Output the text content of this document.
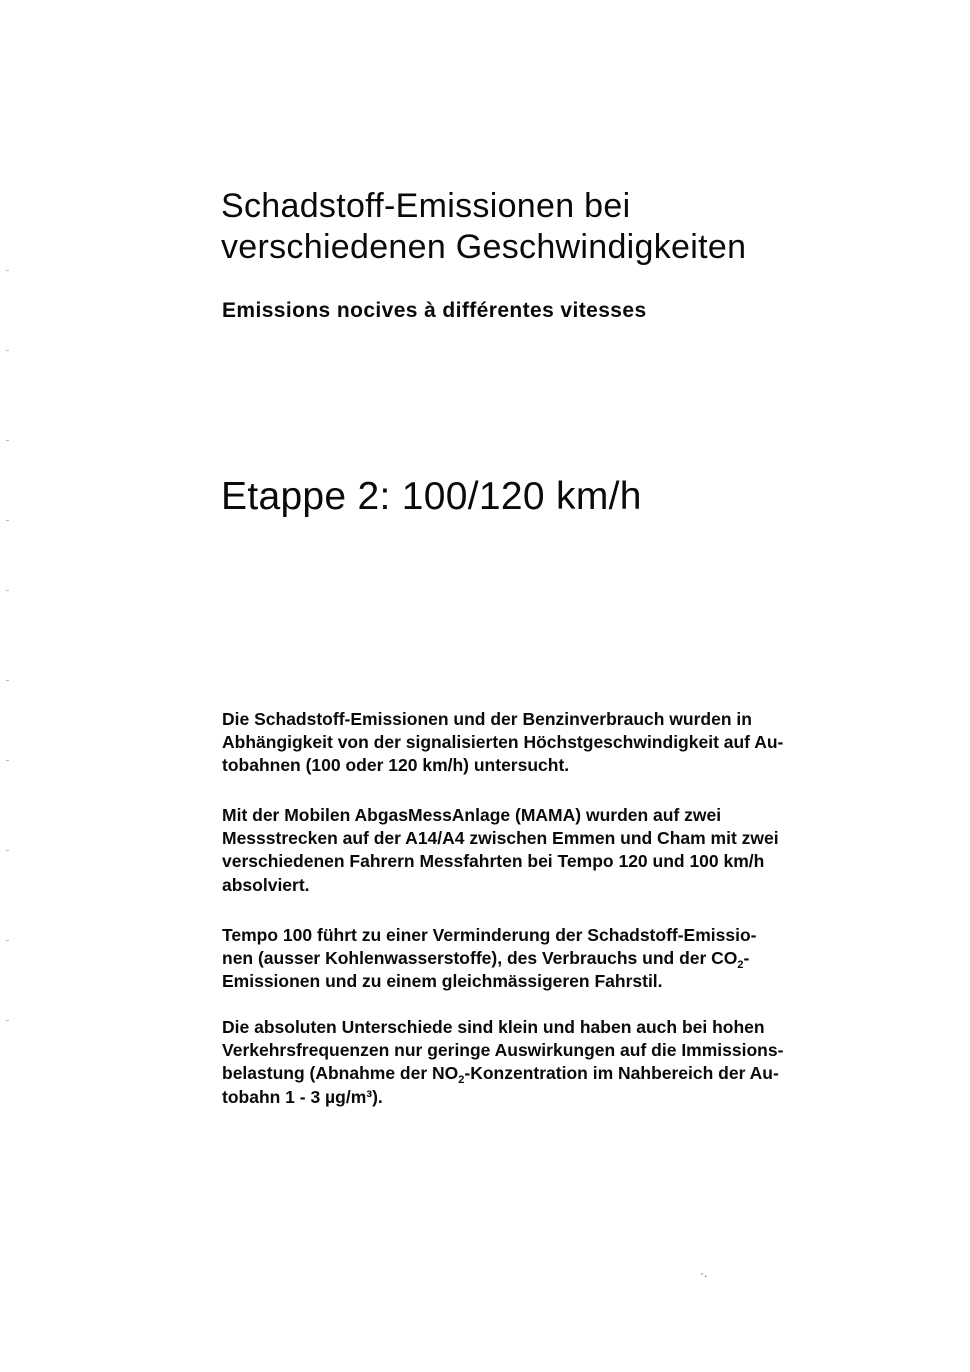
Schadstoff-Emissionen bei
verschiedenen Geschwindigkeiten
Emissions nocives à différentes vitesses
Etappe 2: 100/120 km/h
Die Schadstoff-Emissionen und der Benzinverbrauch wurden in
Abhängigkeit von der signalisierten Höchstgeschwindigkeit auf Au-
tobahnen (100 oder 120 km/h) untersucht.
Mit der Mobilen AbgasMessAnlage (MAMA) wurden auf zwei
Messstrecken auf der A14/A4 zwischen Emmen und Cham mit zwei
verschiedenen Fahrern Messfahrten bei Tempo 120 und 100 km/h
absolviert.
Tempo 100 führt zu einer Verminderung der Schadstoff-Emissio-
nen (ausser Kohlenwasserstoffe), des Verbrauchs und der $CO_2-$
Emissionen und zu einem gleichmässigeren Fahrstil.
Die absoluten Unterschiede sind klein und haben auch bei hohen
Verkehrsfrequenzen nur geringe Auswirkungen auf die Immissions-
belastung (Abnahme der $NO_2$-Konzentration im Nahbereich der Au-
tobahn 1 - 3 µg/m³).
·.
